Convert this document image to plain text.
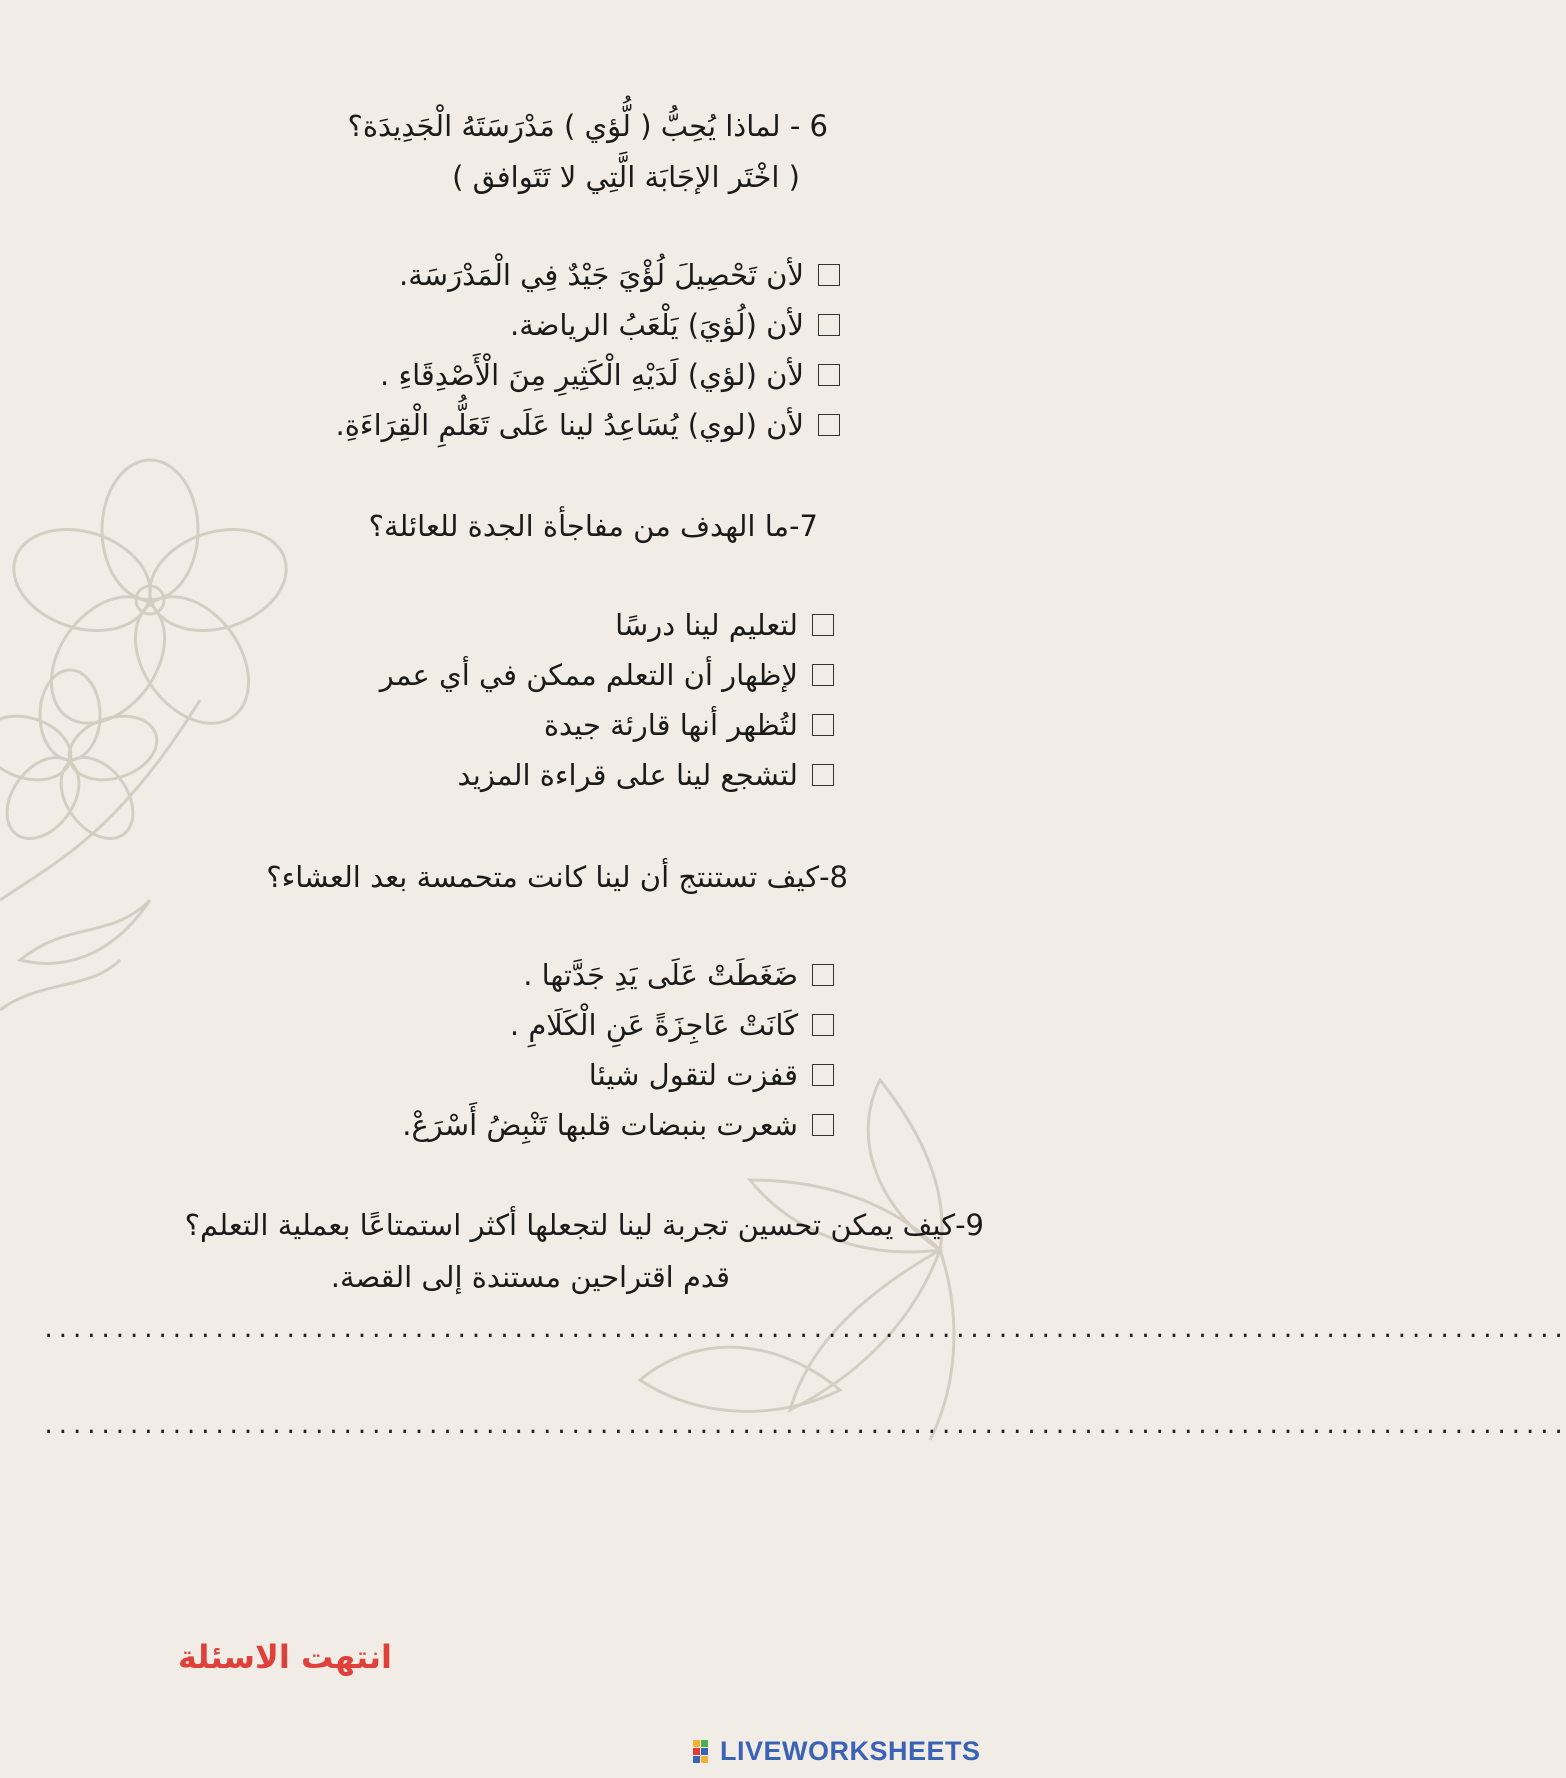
6 - لماذا يُحِبُّ ( لُّؤي ) مَدْرَسَتَهُ الْجَدِيدَة؟
( اخْتَر الإجَابَة الَّتِي لا تَتَوافق )
لأن تَحْصِيلَ لُؤْيَ جَيْدٌ فِي الْمَدْرَسَة.
لأن (لُؤيَ) يَلْعَبُ الرياضة.
لأن (لؤي) لَدَيْهِ الْكَثِيرِ مِنَ الْأَصْدِقَاءِ .
لأن (لوي) يُسَاعِدُ لينا عَلَى تَعَلُّمِ الْقِرَاءَةِ.
7-ما الهدف من مفاجأة الجدة للعائلة؟
لتعليم لينا درسًا
لإظهار أن التعلم ممكن في أي عمر
لتُظهر أنها قارئة جيدة
لتشجع لينا على قراءة المزيد
8-كيف تستنتج أن لينا كانت متحمسة بعد العشاء؟
ضَغَطَتْ عَلَى يَدِ جَدَّتها .
كَانَتْ عَاجِزَةً عَنِ الْكَلَامِ .
قفزت لتقول شيئا
شعرت بنبضات قلبها تَنْبِضُ أَسْرَعْ.
9-كيف يمكن تحسين تجربة لينا لتجعلها أكثر استمتاعًا بعملية التعلم؟
قدم اقتراحين مستندة إلى القصة.
...........................................................................................................
...........................................................................................................
انتهت الاسئلة
LIVEWORKSHEETS
